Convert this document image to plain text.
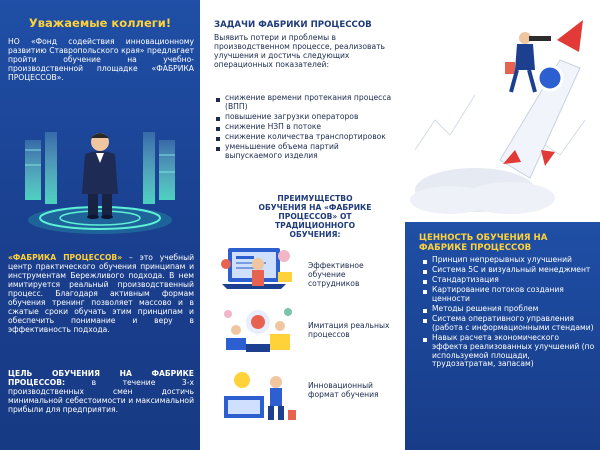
Уважаемые коллеги!
НО «Фонд содействия инновационному развитию Ставропольского края» предлагает пройти обучение на учебно-производственной площадке «ФАБРИКА ПРОЦЕССОВ».
«ФАБРИКА ПРОЦЕССОВ» – это учебный центр практического обучения принципам и инструментам Бережливого подхода. В нем имитируется реальный производственный процесс. Благодаря активным формам обучения тренинг позволяет массово и в сжатые сроки обучать этим принципам и обеспечить понимание и веру в эффективность подхода.
ЦЕЛЬ ОБУЧЕНИЯ НА ФАБРИКЕ ПРОЦЕССОВ: в течение 3-х производственных смен достичь минимальной себестоимости и максимальной прибыли для предприятия.
ЗАДАЧИ ФАБРИКИ ПРОЦЕССОВ
Выявить потери и проблемы в производственном процессе, реализовать улучшения и достичь следующих операционных показателей:
снижение времени протекания процесса (ВПП)
повышение загрузки операторов
снижение НЗП в потоке
снижение количества транспортировок
уменьшение объема партий выпускаемого изделия
ПРЕИМУЩЕСТВО ОБУЧЕНИЯ НА «ФАБРИКЕ ПРОЦЕССОВ» ОТ ТРАДИЦИОННОГО ОБУЧЕНИЯ:
Эффективное обучение сотрудников
Имитация реальных процессов
Инновационный формат обучения
ЦЕННОСТЬ ОБУЧЕНИЯ НА ФАБРИКЕ ПРОЦЕССОВ
Принцип непрерывных улучшений
Система 5С и визуальный менеджмент
Стандартизация
Картирование потоков создания ценности
Методы решения проблем
Система оперативного управления (работа с информационными стендами)
Навык расчета экономического эффекта реализованных улучшений (по используемой площади, трудозатратам, запасам)
